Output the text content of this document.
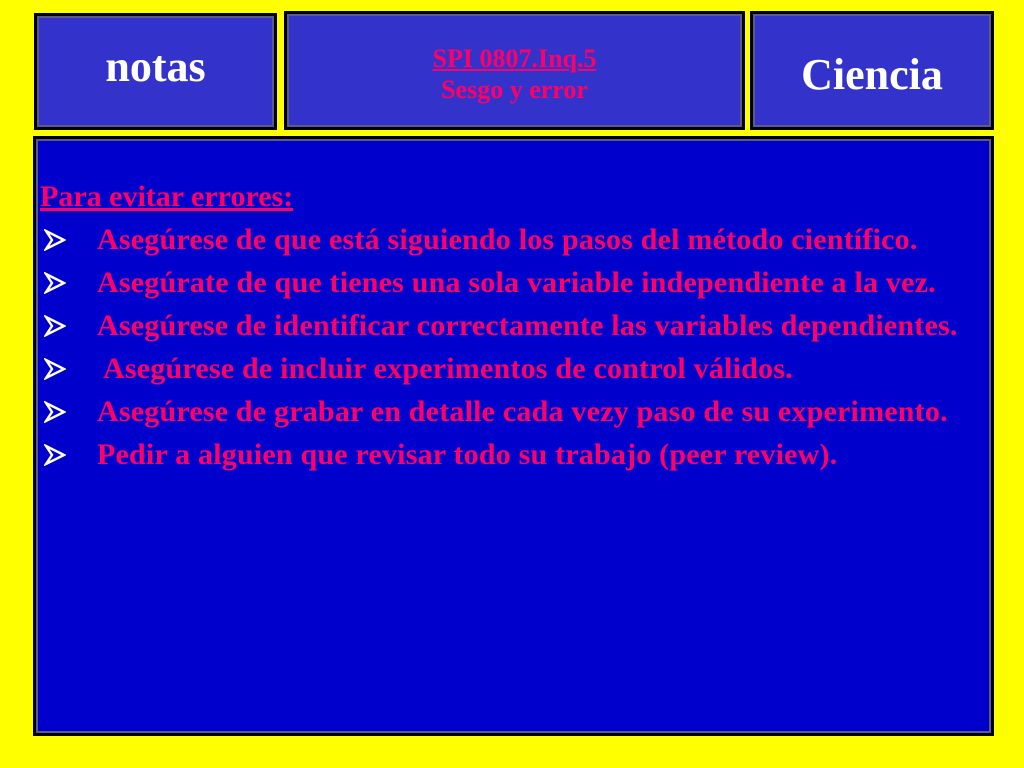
notas	SPI 0807.Inq.5
Sesgo y error	Ciencia

Para evitar errores:

Asegúrese de que está siguiendo los pasos del método científico.
Asegúrate de que tienes una sola variable independiente a la vez.
Asegúrese de identificar correctamente las variables dependientes.
Asegúrese de incluir experimentos de control válidos.
Asegúrese de grabar en detalle cada vezy paso de su experimento.
Pedir a alguien que revisar todo su trabajo (peer review).
